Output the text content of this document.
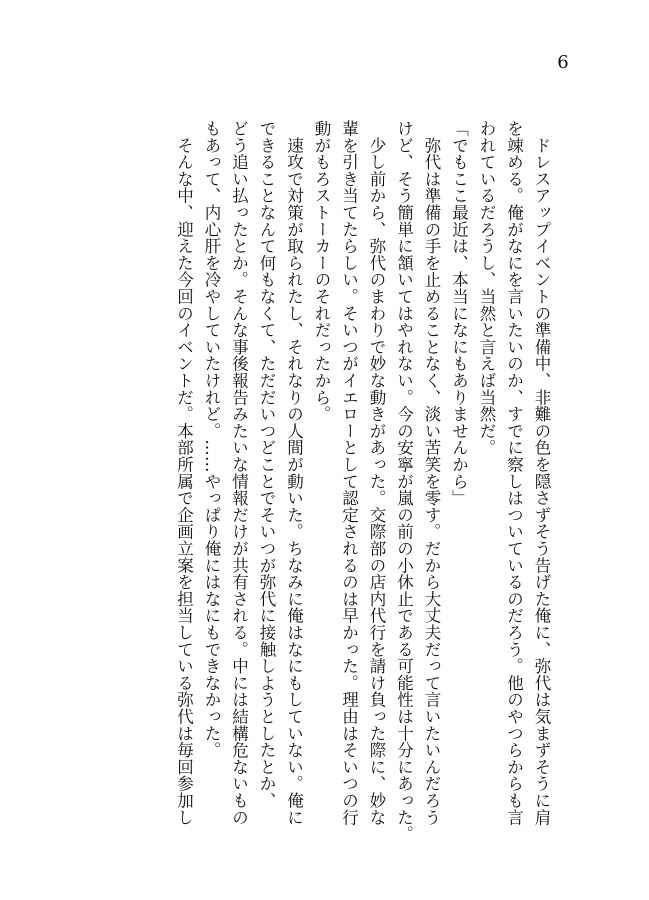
6

　ドレスアップイベントの準備中、非難の色を隠さずそう告げた俺に、弥代は気まずそうに肩
を竦める。俺がなにを言いたいのか、すでに察しはついているのだろう。他のやつらからも言
われているだろうし、当然と言えば当然だ。

「でもここ最近は、本当になにもありませんから」

　弥代は準備の手を止めることなく、淡い苦笑を零す。だから大丈夫だって言いたいんだろう
けど、そう簡単に頷いてはやれない。今の安寧が嵐の前の小休止である可能性は十分にあった。

　少し前から、弥代のまわりで妙な動きがあった。交際部の店内代行を請け負った際に、妙な
輩を引き当てたらしい。そいつがイエローとして認定されるのは早かった。理由はそいつの行
動がもろストーカーのそれだったから。

　速攻で対策が取られたし、それなりの人間が動いた。ちなみに俺はなにもしていない。俺に
できることなんて何もなくて、ただだいつどことでそいつが弥代に接触しようとしたとか、
どう追い払ったとか。そんな事後報告みたいな情報だけが共有される。中には結構危ないもの
もあって、内心肝を冷やしていたけれど。……やっぱり俺にはなにもできなかった。

　そんな中、迎えた今回のイベントだ。本部所属で企画立案を担当している弥代は毎回参加し
